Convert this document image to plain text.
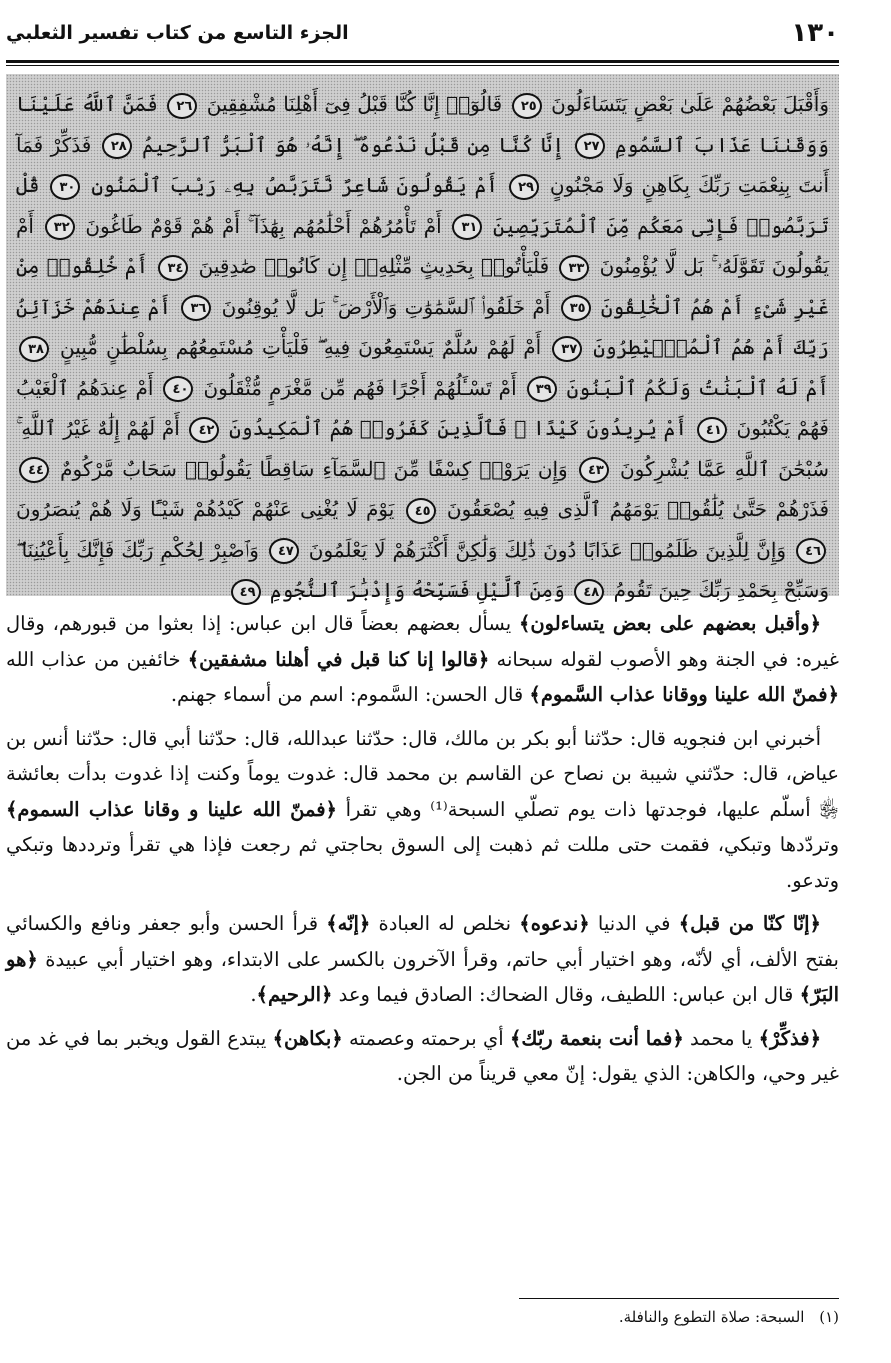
١٣٠
الجزء التاسع من كتاب تفسير الثعلبي
وَأَقْبَلَ بَعْضُهُمْ عَلَىٰ بَعْضٍ يَتَسَاءَلُونَ ٢٥ قَالُوٓا۟ إِنَّا كُنَّا قَبْلُ فِىٓ أَهْلِنَا مُشْفِقِينَ ٢٦ فَمَنَّ ٱللَّهُ عَلَيْنَا وَوَقَىٰنَا عَذَابَ ٱلسَّمُومِ ٢٧ إِنَّا كُنَّا مِن قَبْلُ نَدْعُوهُ ۖ إِنَّهُۥ هُوَ ٱلْبَرُّ ٱلرَّحِيمُ ٢٨ فَذَكِّرْ فَمَآ أَنتَ بِنِعْمَتِ رَبِّكَ بِكَاهِنٍ وَلَا مَجْنُونٍ ٢٩ أَمْ يَقُولُونَ شَاعِرٌ نَّتَرَبَّصُ بِهِۦ رَيْبَ ٱلْمَنُونِ ٣٠ قُلْ تَرَبَّصُوا۟ فَإِنِّى مَعَكُم مِّنَ ٱلْمُتَرَبِّصِينَ ٣١ أَمْ تَأْمُرُهُمْ أَحْلَٰمُهُم بِهَٰذَآ ۚ أَمْ هُمْ قَوْمٌ طَاغُونَ ٣٢ أَمْ يَقُولُونَ تَقَوَّلَهُۥ ۚ بَل لَّا يُؤْمِنُونَ ٣٣ فَلْيَأْتُوا۟ بِحَدِيثٍ مِّثْلِهِۦٓ إِن كَانُوا۟ صَٰدِقِينَ ٣٤ أَمْ خُلِقُوا۟ مِنْ غَيْرِ شَىْءٍ أَمْ هُمُ ٱلْخَٰلِقُونَ ٣٥ أَمْ خَلَقُوا۟ ٱلسَّمَٰوَٰتِ وَٱلْأَرْضَ ۚ بَل لَّا يُوقِنُونَ ٣٦ أَمْ عِندَهُمْ خَزَآئِنُ رَبِّكَ أَمْ هُمُ ٱلْمُصَۣيْطِرُونَ ٣٧ أَمْ لَهُمْ سُلَّمٌ يَسْتَمِعُونَ فِيهِ ۖ فَلْيَأْتِ مُسْتَمِعُهُم بِسُلْطَٰنٍ مُّبِينٍ ٣٨ أَمْ لَهُ ٱلْبَنَٰتُ وَلَكُمُ ٱلْبَنُونَ ٣٩ أَمْ تَسْـَٔلُهُمْ أَجْرًا فَهُم مِّن مَّغْرَمٍ مُّثْقَلُونَ ٤٠ أَمْ عِندَهُمُ ٱلْغَيْبُ فَهُمْ يَكْتُبُونَ ٤١ أَمْ يُرِيدُونَ كَيْدًا ۖ فَٱلَّذِينَ كَفَرُوا۟ هُمُ ٱلْمَكِيدُونَ ٤٢ أَمْ لَهُمْ إِلَٰهٌ غَيْرُ ٱللَّهِ ۚ سُبْحَٰنَ ٱللَّهِ عَمَّا يُشْرِكُونَ ٤٣ وَإِن يَرَوْا۟ كِسْفًا مِّنَ ٱلسَّمَآءِ سَاقِطًا يَقُولُوا۟ سَحَابٌ مَّرْكُومٌ ٤٤ فَذَرْهُمْ حَتَّىٰ يُلَٰقُوا۟ يَوْمَهُمُ ٱلَّذِى فِيهِ يُصْعَقُونَ ٤٥ يَوْمَ لَا يُغْنِى عَنْهُمْ كَيْدُهُمْ شَيْـًٔا وَلَا هُمْ يُنصَرُونَ ٤٦ وَإِنَّ لِلَّذِينَ ظَلَمُوا۟ عَذَابًا دُونَ ذَٰلِكَ وَلَٰكِنَّ أَكْثَرَهُمْ لَا يَعْلَمُونَ ٤٧ وَٱصْبِرْ لِحُكْمِ رَبِّكَ فَإِنَّكَ بِأَعْيُنِنَا ۖ وَسَبِّحْ بِحَمْدِ رَبِّكَ حِينَ تَقُومُ ٤٨ وَمِنَ ٱلَّيْلِ فَسَبِّحْهُ وَإِدْبَٰرَ ٱلنُّجُومِ ٤٩

﴿وأقبل بعضهم على بعض يتساءلون﴾ يسأل بعضهم بعضاً قال ابن عباس: إذا بعثوا من قبورهم، وقال غيره: في الجنة وهو الأصوب لقوله سبحانه ﴿قالوا إنا كنا قبل في أهلنا مشفقين﴾ خائفين من عذاب الله ﴿فمنّ الله علينا ووقانا عذاب السَّموم﴾ قال الحسن: السَّموم: اسم من أسماء جهنم.

أخبرني ابن فنجويه قال: حدّثنا أبو بكر بن مالك، قال: حدّثنا عبدالله، قال: حدّثنا أبي قال: حدّثنا أنس بن عياض، قال: حدّثني شيبة بن نصاح عن القاسم بن محمد قال: غدوت يوماً وكنت إذا غدوت بدأت بعائشة ﵂ أسلّم عليها، فوجدتها ذات يوم تصلّي السبحة⁽¹⁾ وهي تقرأ ﴿فمنّ الله علينا و وقانا عذاب السموم﴾ وتردّدها وتبكي، فقمت حتى مللت ثم ذهبت إلى السوق بحاجتي ثم رجعت فإذا هي تقرأ وترددها وتبكي وتدعو.

﴿إنّا كنّا من قبل﴾ في الدنيا ﴿ندعوه﴾ نخلص له العبادة ﴿إنّه﴾ قرأ الحسن وأبو جعفر ونافع والكسائي بفتح الألف، أي لأنّه، وهو اختيار أبي حاتم، وقرأ الآخرون بالكسر على الابتداء، وهو اختيار أبي عبيدة ﴿هو البَرّ﴾ قال ابن عباس: اللطيف، وقال الضحاك: الصادق فيما وعد ﴿الرحيم﴾.

﴿فذكِّرْ﴾ يا محمد ﴿فما أنت بنعمة ربّك﴾ أي برحمته وعصمته ﴿بكاهن﴾ يبتدع القول ويخبر بما في غد من غير وحي، والكاهن: الذي يقول: إنّ معي قريناً من الجن.

(١) السبحة: صلاة التطوع والنافلة.
